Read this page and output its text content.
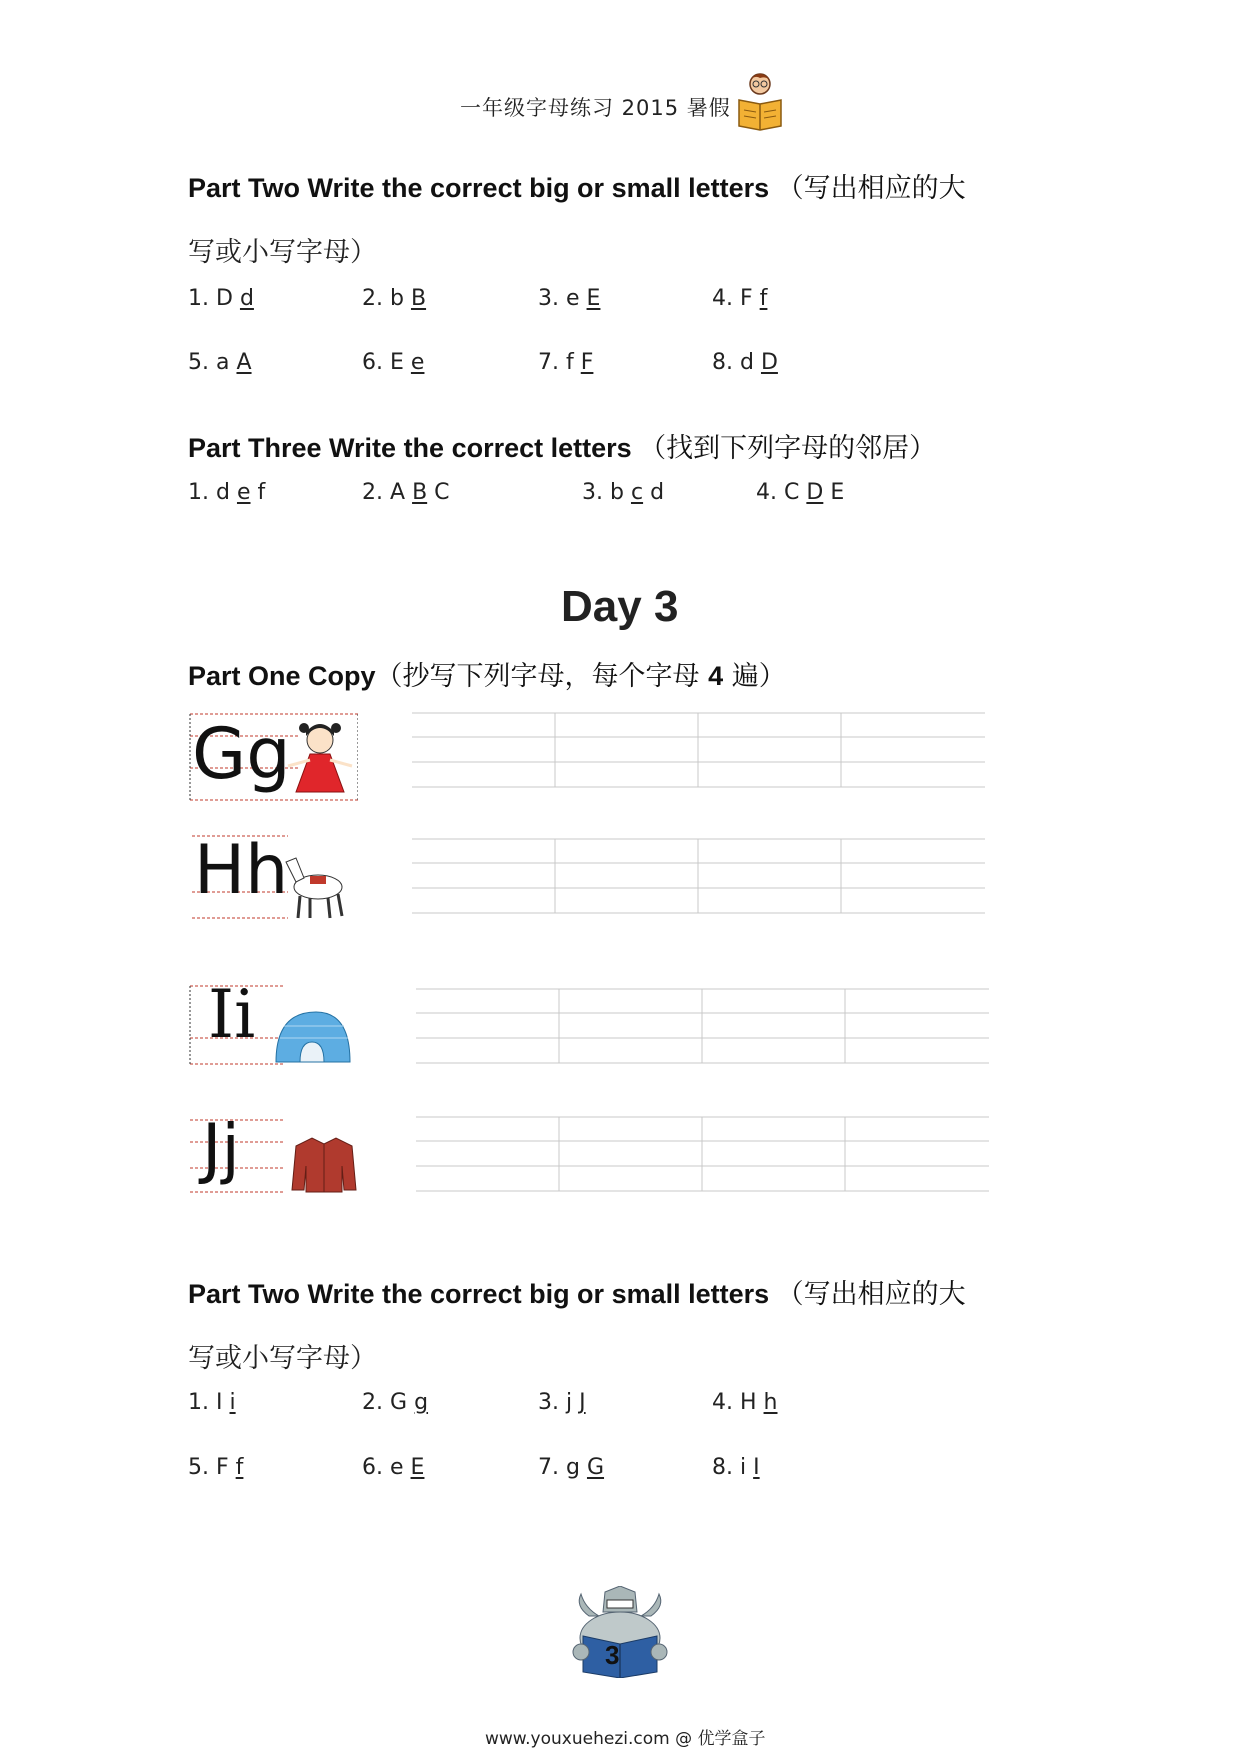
一年级字母练习 2015 暑假
Part Two Write the correct big or small letters （写出相应的大
写或小写字母）
1. D d	2. b B	3. e E	4. F f
5. a A	6. E e	7. f F	8. d D
Part Three Write the correct letters （找到下列字母的邻居）
1. d e f	2. A B C	3. b c d	4. C D E
Day 3
Part One Copy（抄写下列字母，每个字母 4 遍）
Gg
Hh
Ii
Jj
Part Two Write the correct big or small letters （写出相应的大
写或小写字母）
1. I i	2. G g	3. j J	4. H h
5. F f	6. e E	7. g G	8. i I
3
www.youxuehezi.com @ 优学盒子
